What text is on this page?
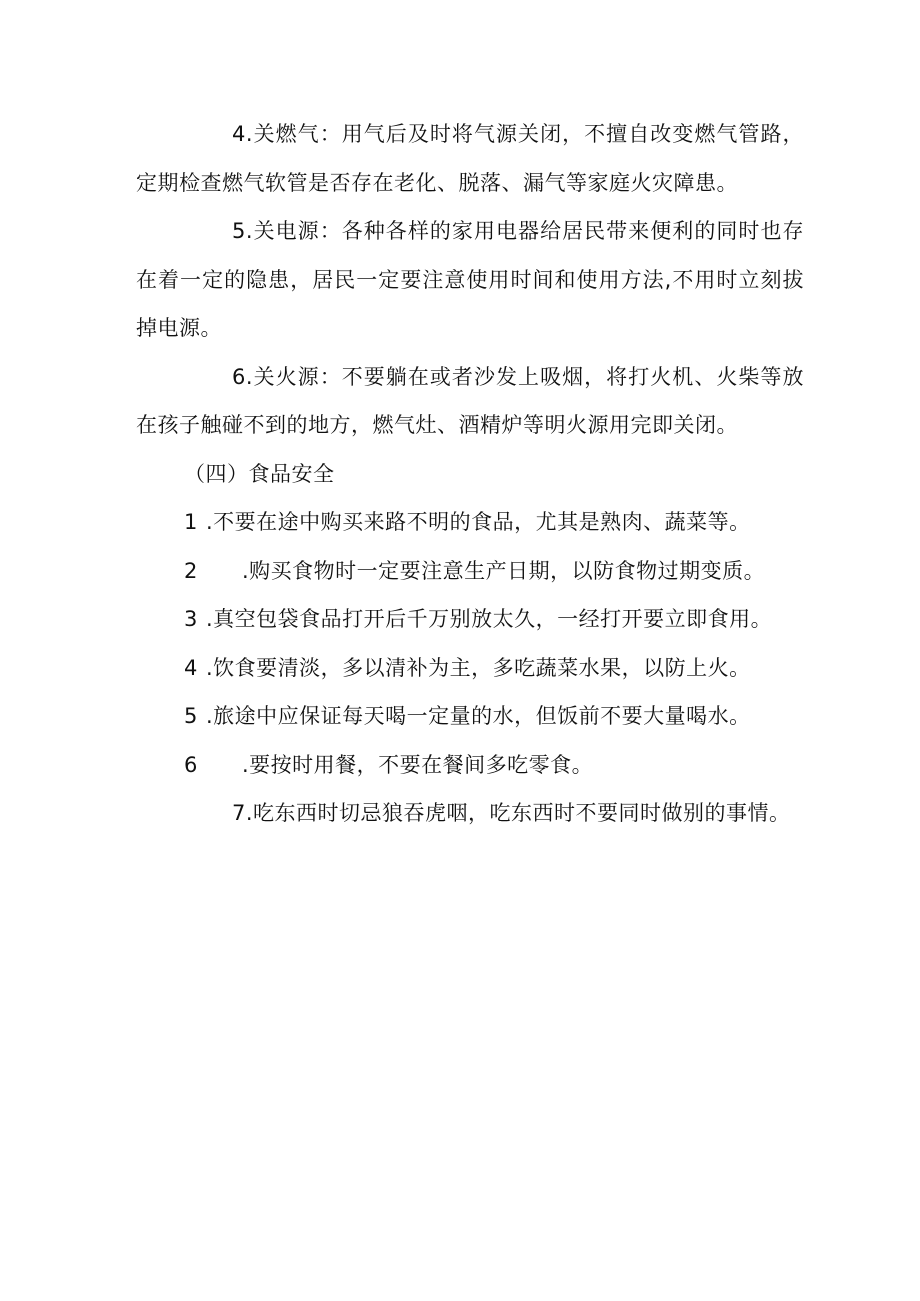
4.关燃气：用气后及时将气源关闭，不擅自改变燃气管路，定期检查燃气软管是否存在老化、脱落、漏气等家庭火灾障患。

5.关电源：各种各样的家用电器给居民带来便利的同时也存在着一定的隐患，居民一定要注意使用时间和使用方法,不用时立刻拔掉电源。

6.关火源：不要躺在或者沙发上吸烟，将打火机、火柴等放在孩子触碰不到的地方，燃气灶、酒精炉等明火源用完即关闭。

（四）食品安全

1 .不要在途中购买来路不明的食品，尤其是熟肉、蔬菜等。

2 .购买食物时一定要注意生产日期，以防食物过期变质。

3 .真空包袋食品打开后千万别放太久，一经打开要立即食用。

4 .饮食要清淡，多以清补为主，多吃蔬菜水果，以防上火。

5 .旅途中应保证每天喝一定量的水，但饭前不要大量喝水。

6 .要按时用餐，不要在餐间多吃零食。

7.吃东西时切忌狼吞虎咽，吃东西时不要同时做别的事情。
